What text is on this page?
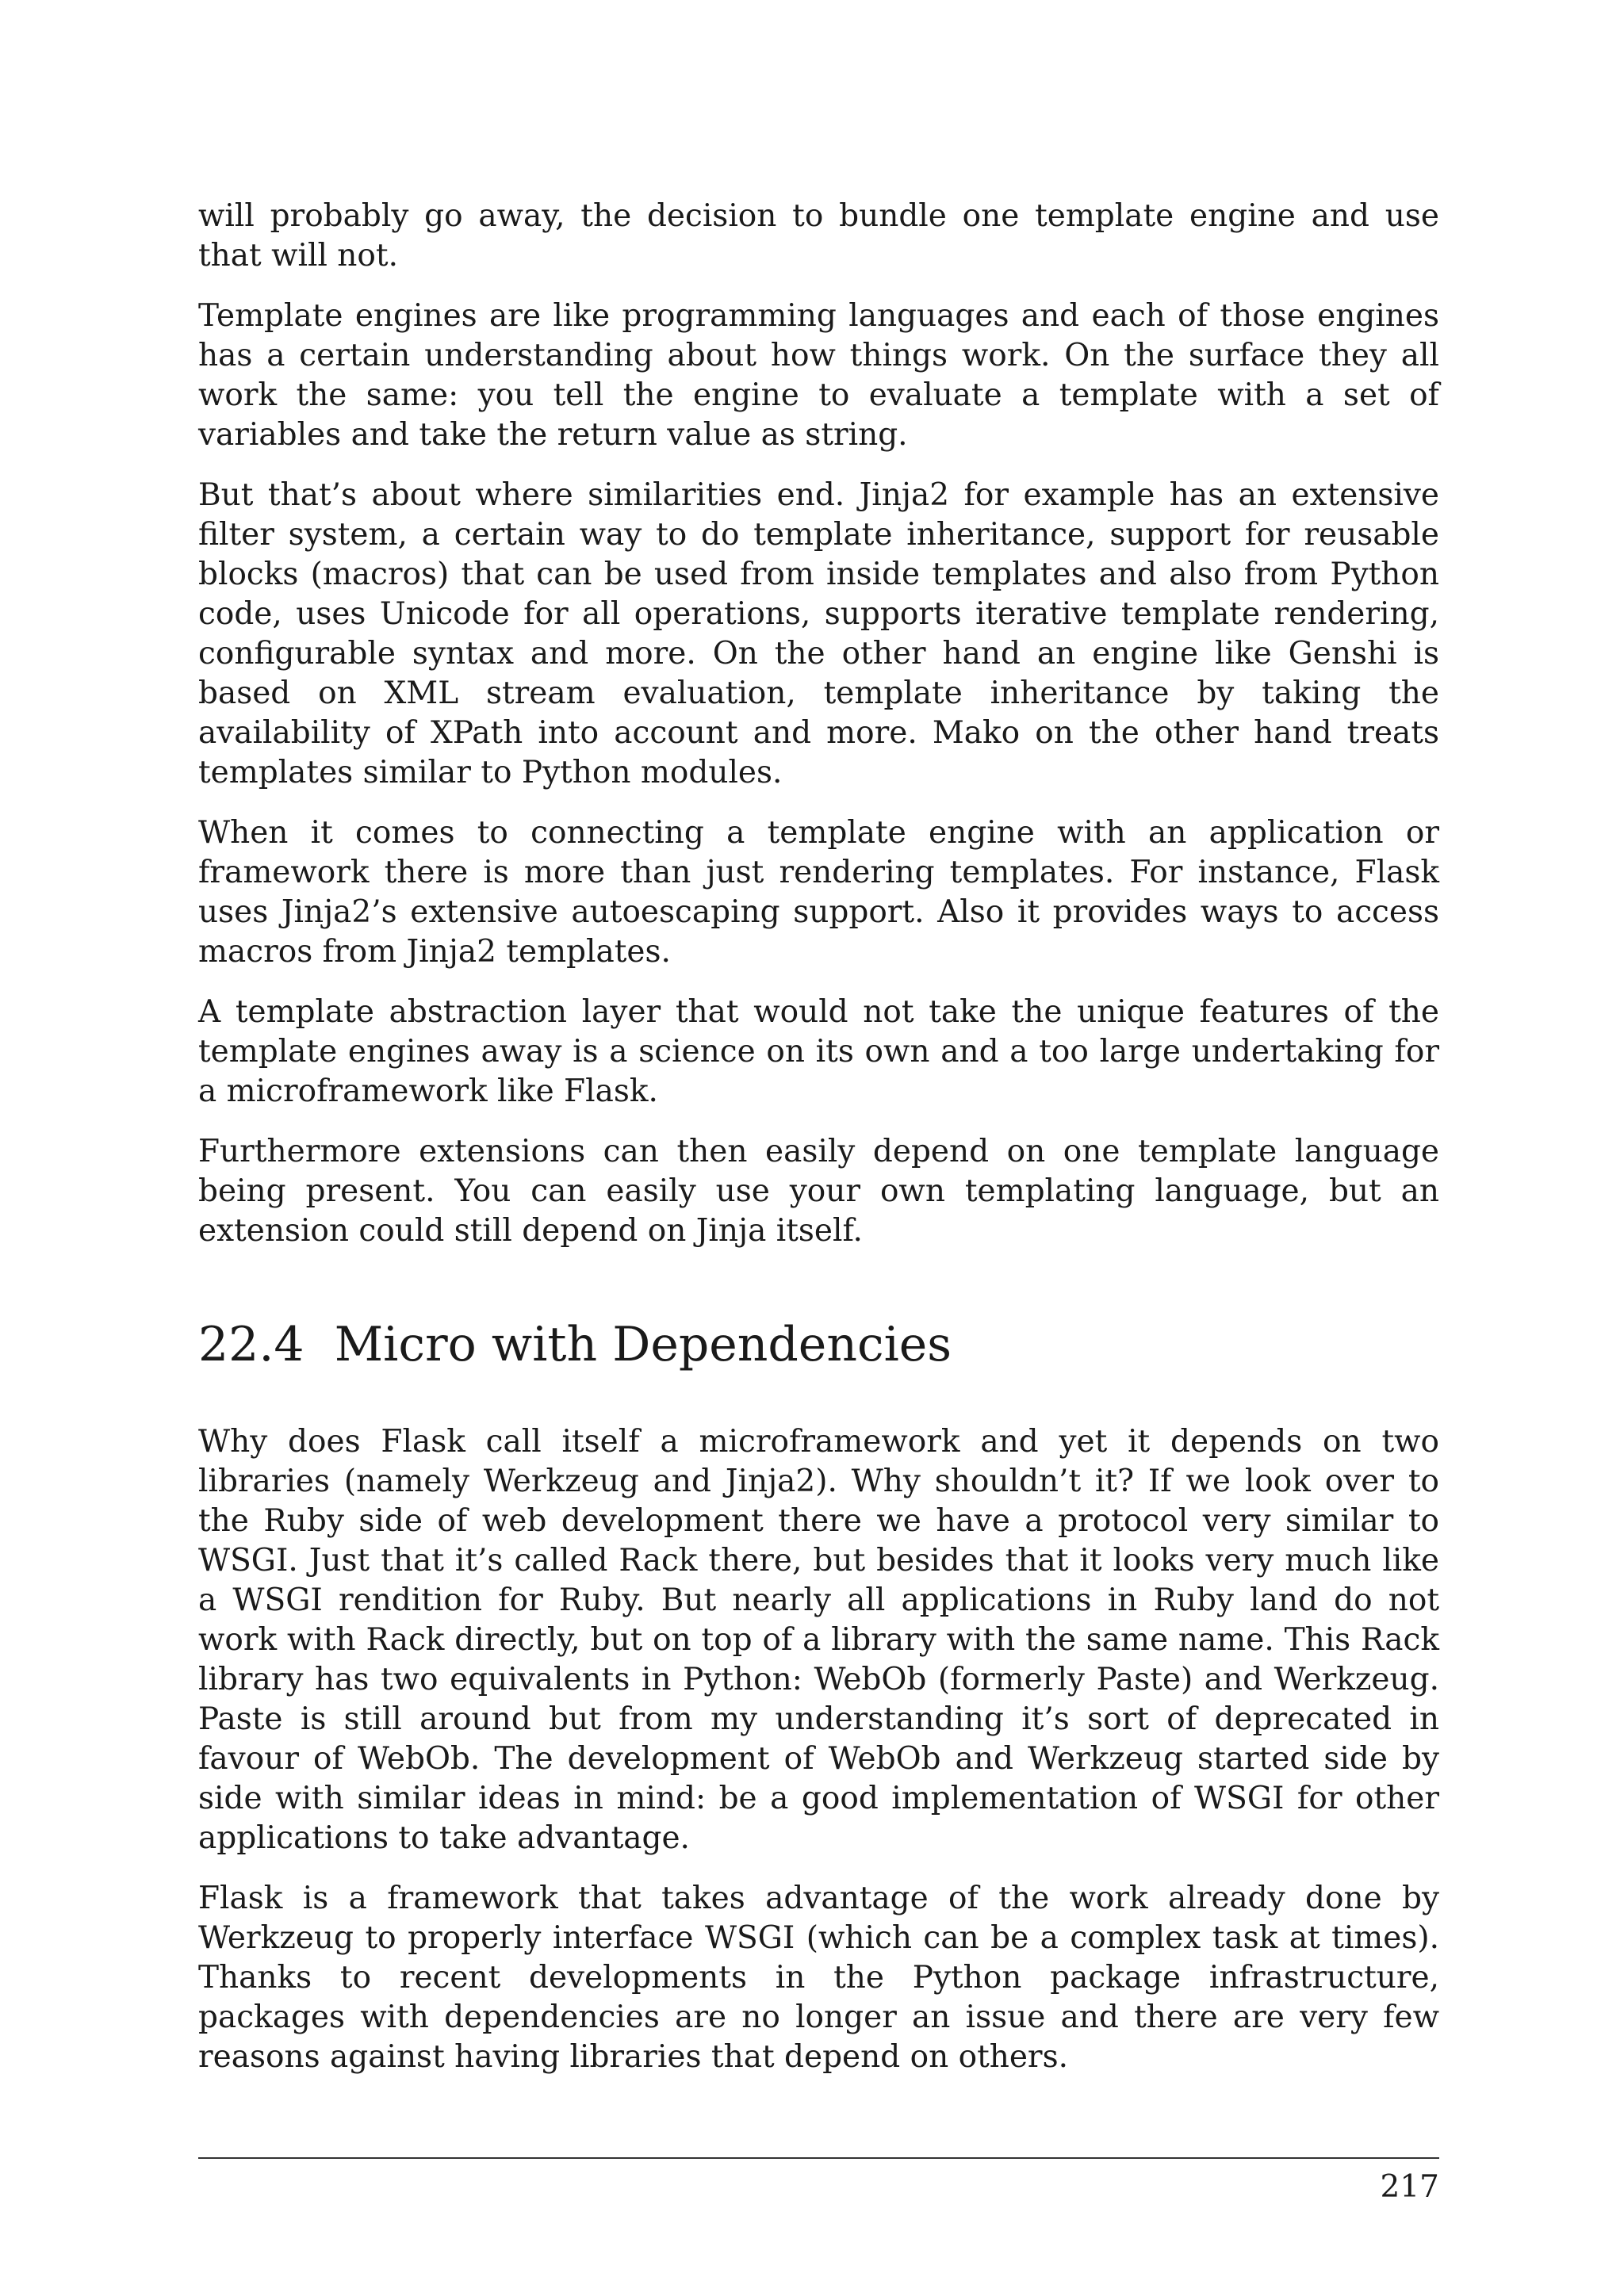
will probably go away, the decision to bundle one template engine and use that will not.

Template engines are like programming languages and each of those engines has a certain understanding about how things work. On the surface they all work the same: you tell the engine to evaluate a template with a set of variables and take the return value as string.

But that’s about where similarities end. Jinja2 for example has an extensive filter system, a certain way to do template inheritance, support for reusable blocks (macros) that can be used from inside templates and also from Python code, uses Unicode for all operations, supports iterative template rendering, configurable syntax and more. On the other hand an engine like Genshi is based on XML stream evaluation, template inheritance by taking the availability of XPath into account and more. Mako on the other hand treats templates similar to Python modules.

When it comes to connecting a template engine with an application or framework there is more than just rendering templates. For instance, Flask uses Jinja2’s extensive autoescaping support. Also it provides ways to access macros from Jinja2 templates.

A template abstraction layer that would not take the unique features of the template engines away is a science on its own and a too large undertaking for a microframework like Flask.

Furthermore extensions can then easily depend on one template language being present. You can easily use your own templating language, but an extension could still depend on Jinja itself.

22.4 Micro with Dependencies

Why does Flask call itself a microframework and yet it depends on two libraries (namely Werkzeug and Jinja2). Why shouldn’t it? If we look over to the Ruby side of web development there we have a protocol very similar to WSGI. Just that it’s called Rack there, but besides that it looks very much like a WSGI rendition for Ruby. But nearly all applications in Ruby land do not work with Rack directly, but on top of a library with the same name. This Rack library has two equivalents in Python: WebOb (formerly Paste) and Werkzeug. Paste is still around but from my understanding it’s sort of deprecated in favour of WebOb. The development of WebOb and Werkzeug started side by side with similar ideas in mind: be a good implementation of WSGI for other applications to take advantage.

Flask is a framework that takes advantage of the work already done by Werkzeug to properly interface WSGI (which can be a complex task at times). Thanks to recent developments in the Python package infrastructure, packages with dependencies are no longer an issue and there are very few reasons against having libraries that depend on others.

217
